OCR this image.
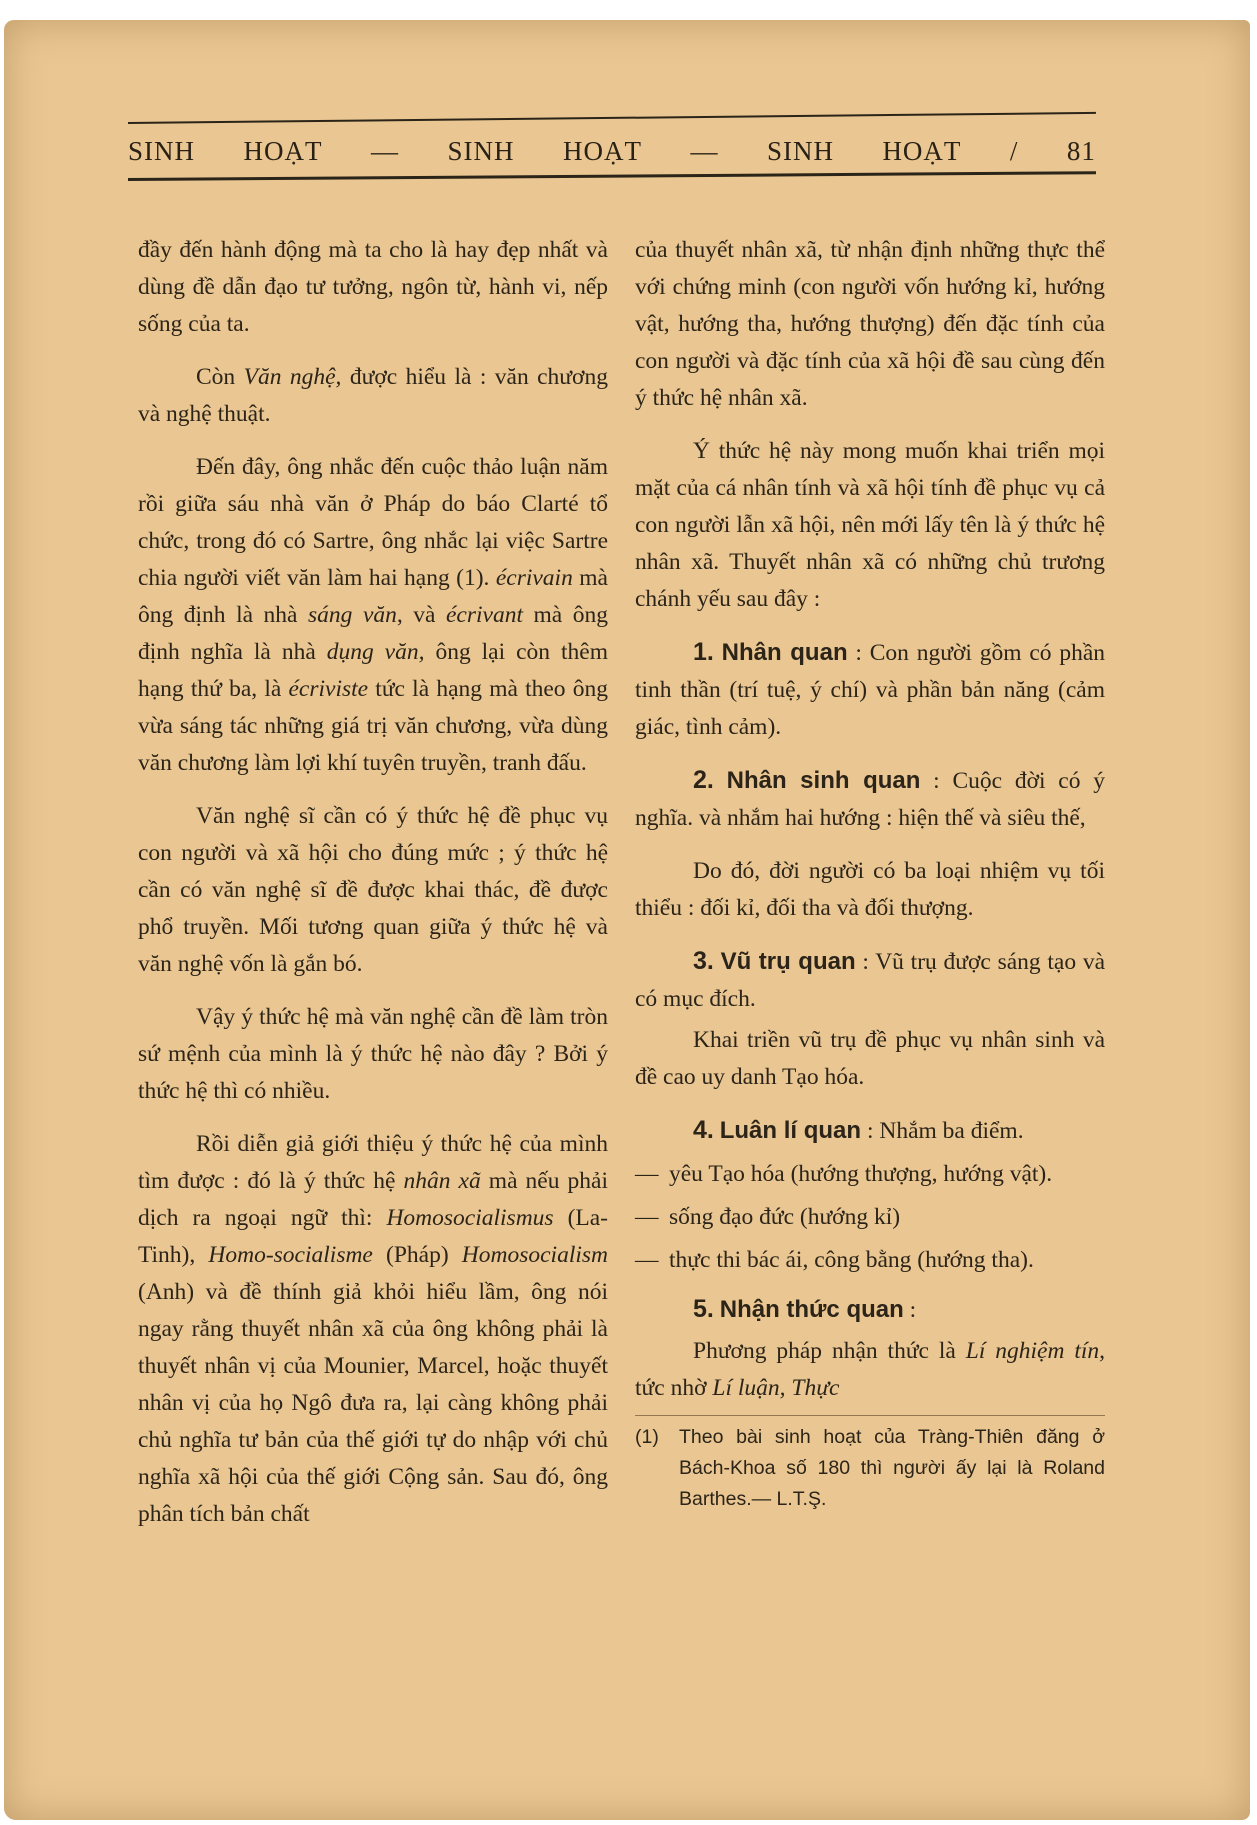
SINH HOẠT — SINH HOẠT — SINH HOẠT / 81

đầy đến hành động mà ta cho là hay đẹp nhất và dùng đề dẫn đạo tư tưởng, ngôn từ, hành vi, nếp sống của ta.

Còn Văn nghệ, được hiểu là : văn chương và nghệ thuật.

Đến đây, ông nhắc đến cuộc thảo luận năm rồi giữa sáu nhà văn ở Pháp do báo Clarté tổ chức, trong đó có Sartre, ông nhắc lại việc Sartre chia người viết văn làm hai hạng (1). écrivain mà ông định là nhà sáng văn, và écrivant mà ông định nghĩa là nhà dụng văn, ông lại còn thêm hạng thứ ba, là écriviste tức là hạng mà theo ông vừa sáng tác những giá trị văn chương, vừa dùng văn chương làm lợi khí tuyên truyền, tranh đấu.

Văn nghệ sĩ cần có ý thức hệ đề phục vụ con người và xã hội cho đúng mức ; ý thức hệ cần có văn nghệ sĩ đề được khai thác, đề được phổ truyền. Mối tương quan giữa ý thức hệ và văn nghệ vốn là gắn bó.

Vậy ý thức hệ mà văn nghệ cần đề làm tròn sứ mệnh của mình là ý thức hệ nào đây ? Bởi ý thức hệ thì có nhiều.

Rồi diễn giả giới thiệu ý thức hệ của mình tìm được : đó là ý thức hệ nhân xã mà nếu phải dịch ra ngoại ngữ thì: Homosocialismus (La-Tinh), Homo-socialisme (Pháp) Homosocialism (Anh) và đề thính giả khỏi hiểu lầm, ông nói ngay rằng thuyết nhân xã của ông không phải là thuyết nhân vị của Mounier, Marcel, hoặc thuyết nhân vị của họ Ngô đưa ra, lại càng không phải chủ nghĩa tư bản của thế giới tự do nhập với chủ nghĩa xã hội của thế giới Cộng sản. Sau đó, ông phân tích bản chất

của thuyết nhân xã, từ nhận định những thực thể với chứng minh (con người vốn hướng kỉ, hướng vật, hướng tha, hướng thượng) đến đặc tính của con người và đặc tính của xã hội đề sau cùng đến ý thức hệ nhân xã.

Ý thức hệ này mong muốn khai triển mọi mặt của cá nhân tính và xã hội tính đề phục vụ cả con người lẫn xã hội, nên mới lấy tên là ý thức hệ nhân xã. Thuyết nhân xã có những chủ trương chánh yếu sau đây :

1. Nhân quan : Con người gồm có phần tinh thần (trí tuệ, ý chí) và phần bản năng (cảm giác, tình cảm).

2. Nhân sinh quan : Cuộc đời có ý nghĩa. và nhắm hai hướng : hiện thế và siêu thế,

Do đó, đời người có ba loại nhiệm vụ tối thiểu : đối kỉ, đối tha và đối thượng.

3. Vũ trụ quan : Vũ trụ được sáng tạo và có mục đích.

Khai triền vũ trụ đề phục vụ nhân sinh và đề cao uy danh Tạo hóa.

4. Luân lí quan : Nhắm ba điểm.

— yêu Tạo hóa (hướng thượng, hướng vật).
— sống đạo đức (hướng kỉ)
— thực thi bác ái, công bằng (hướng tha).

5. Nhận thức quan :

Phương pháp nhận thức là Lí nghiệm tín, tức nhờ Lí luận, Thực

(1)	Theo bài sinh hoạt của Tràng-Thiên đăng ở Bách-Khoa số 180 thì người ấy lại là Roland Barthes.— L.T.Ş.
